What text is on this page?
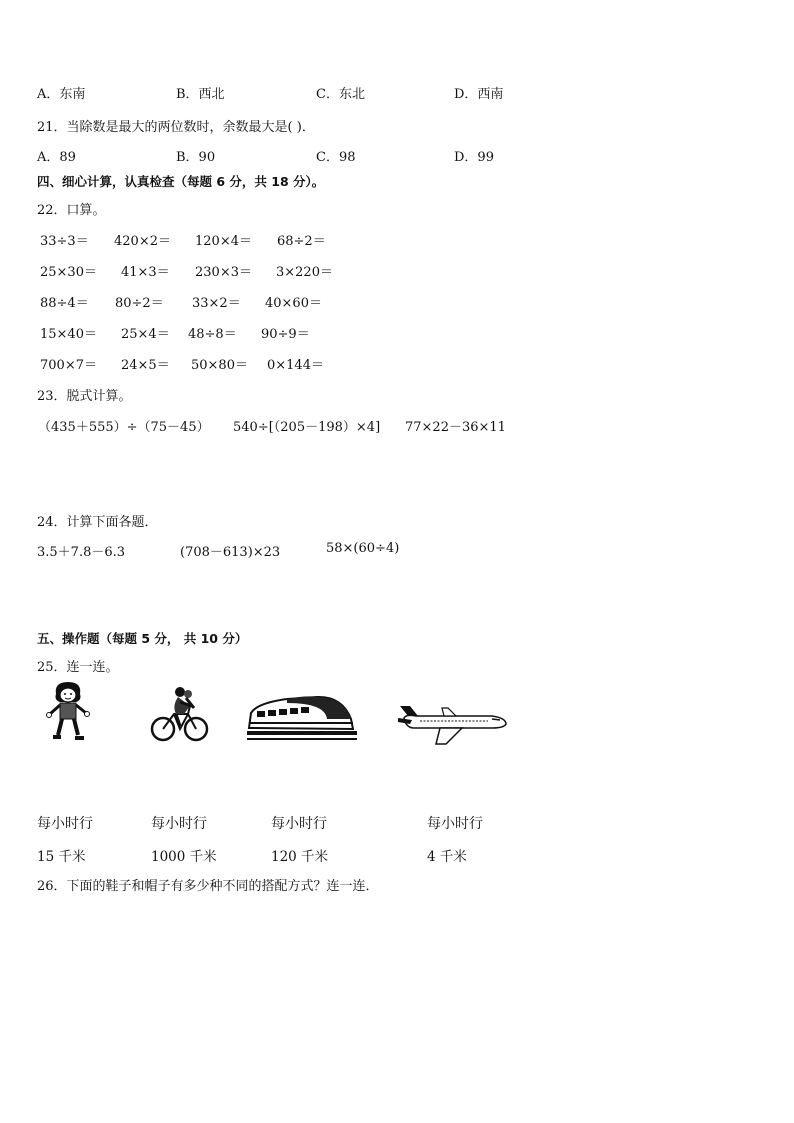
A．东南	B．西北	C．东北	D．西南
21．当除数是最大的两位数时，余数最大是( )．
A．89	B．90	C．98	D．99
四、细心计算，认真检查（每题 6 分，共 18 分）。
22．口算。
33÷3＝ 420×2＝ 120×4＝ 68÷2＝
25×30＝ 41×3＝ 230×3＝ 3×220＝
88÷4＝ 80÷2＝ 33×2＝ 40×60＝
15×40＝ 25×4＝ 48÷8＝ 90÷9＝
700×7＝ 24×5＝ 50×80＝ 0×144＝
23．脱式计算。
（435＋555）÷（75－45） 540÷[（205－198）×4] 77×22－36×11
24．计算下面各题．
3.5＋7.8－6.3	(708－613)×23	58×(60÷4)
五、操作题（每题 5 分， 共 10 分）
25．连一连。
每小时行	每小时行	每小时行	每小时行
15 千米	1000 千米	120 千米	4 千米
26．下面的鞋子和帽子有多少种不同的搭配方式？连一连．
